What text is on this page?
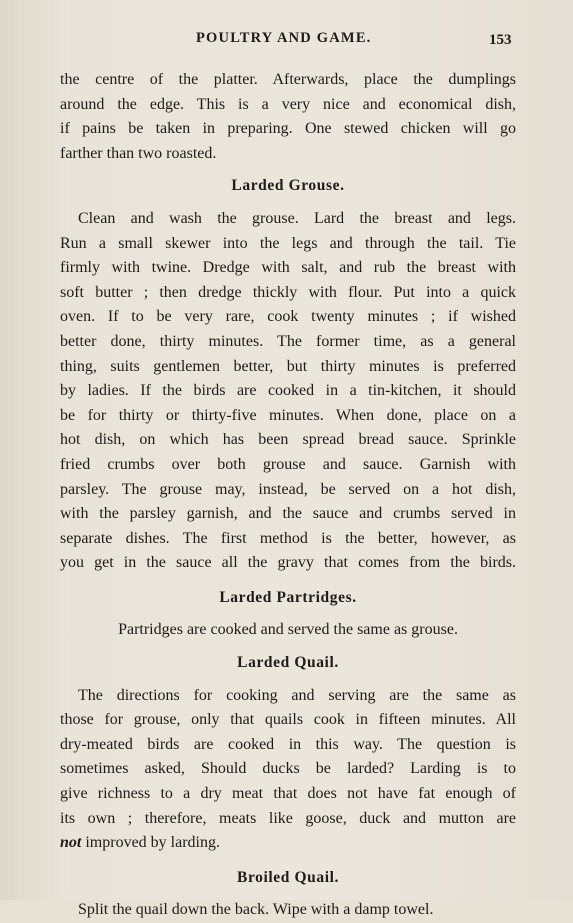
POULTRY AND GAME.	153
the centre of the platter. Afterwards, place the dumplings
around the edge. This is a very nice and economical dish,
if pains be taken in preparing. One stewed chicken will go
farther than two roasted.
Larded Grouse.
Clean and wash the grouse. Lard the breast and legs.
Run a small skewer into the legs and through the tail. Tie
firmly with twine. Dredge with salt, and rub the breast with
soft butter ; then dredge thickly with flour. Put into a quick
oven. If to be very rare, cook twenty minutes ; if wished
better done, thirty minutes. The former time, as a general
thing, suits gentlemen better, but thirty minutes is preferred
by ladies. If the birds are cooked in a tin-kitchen, it should
be for thirty or thirty-five minutes. When done, place on a
hot dish, on which has been spread bread sauce. Sprinkle
fried crumbs over both grouse and sauce. Garnish with
parsley. The grouse may, instead, be served on a hot dish,
with the parsley garnish, and the sauce and crumbs served in
separate dishes. The first method is the better, however, as
you get in the sauce all the gravy that comes from the birds.
Larded Partridges.
Partridges are cooked and served the same as grouse.
Larded Quail.
The directions for cooking and serving are the same as
those for grouse, only that quails cook in fifteen minutes. All
dry-meated birds are cooked in this way. The question is
sometimes asked, Should ducks be larded? Larding is to
give richness to a dry meat that does not have fat enough of
its own ; therefore, meats like goose, duck and mutton are
not improved by larding.
Broiled Quail.
Split the quail down the back. Wipe with a damp towel.
